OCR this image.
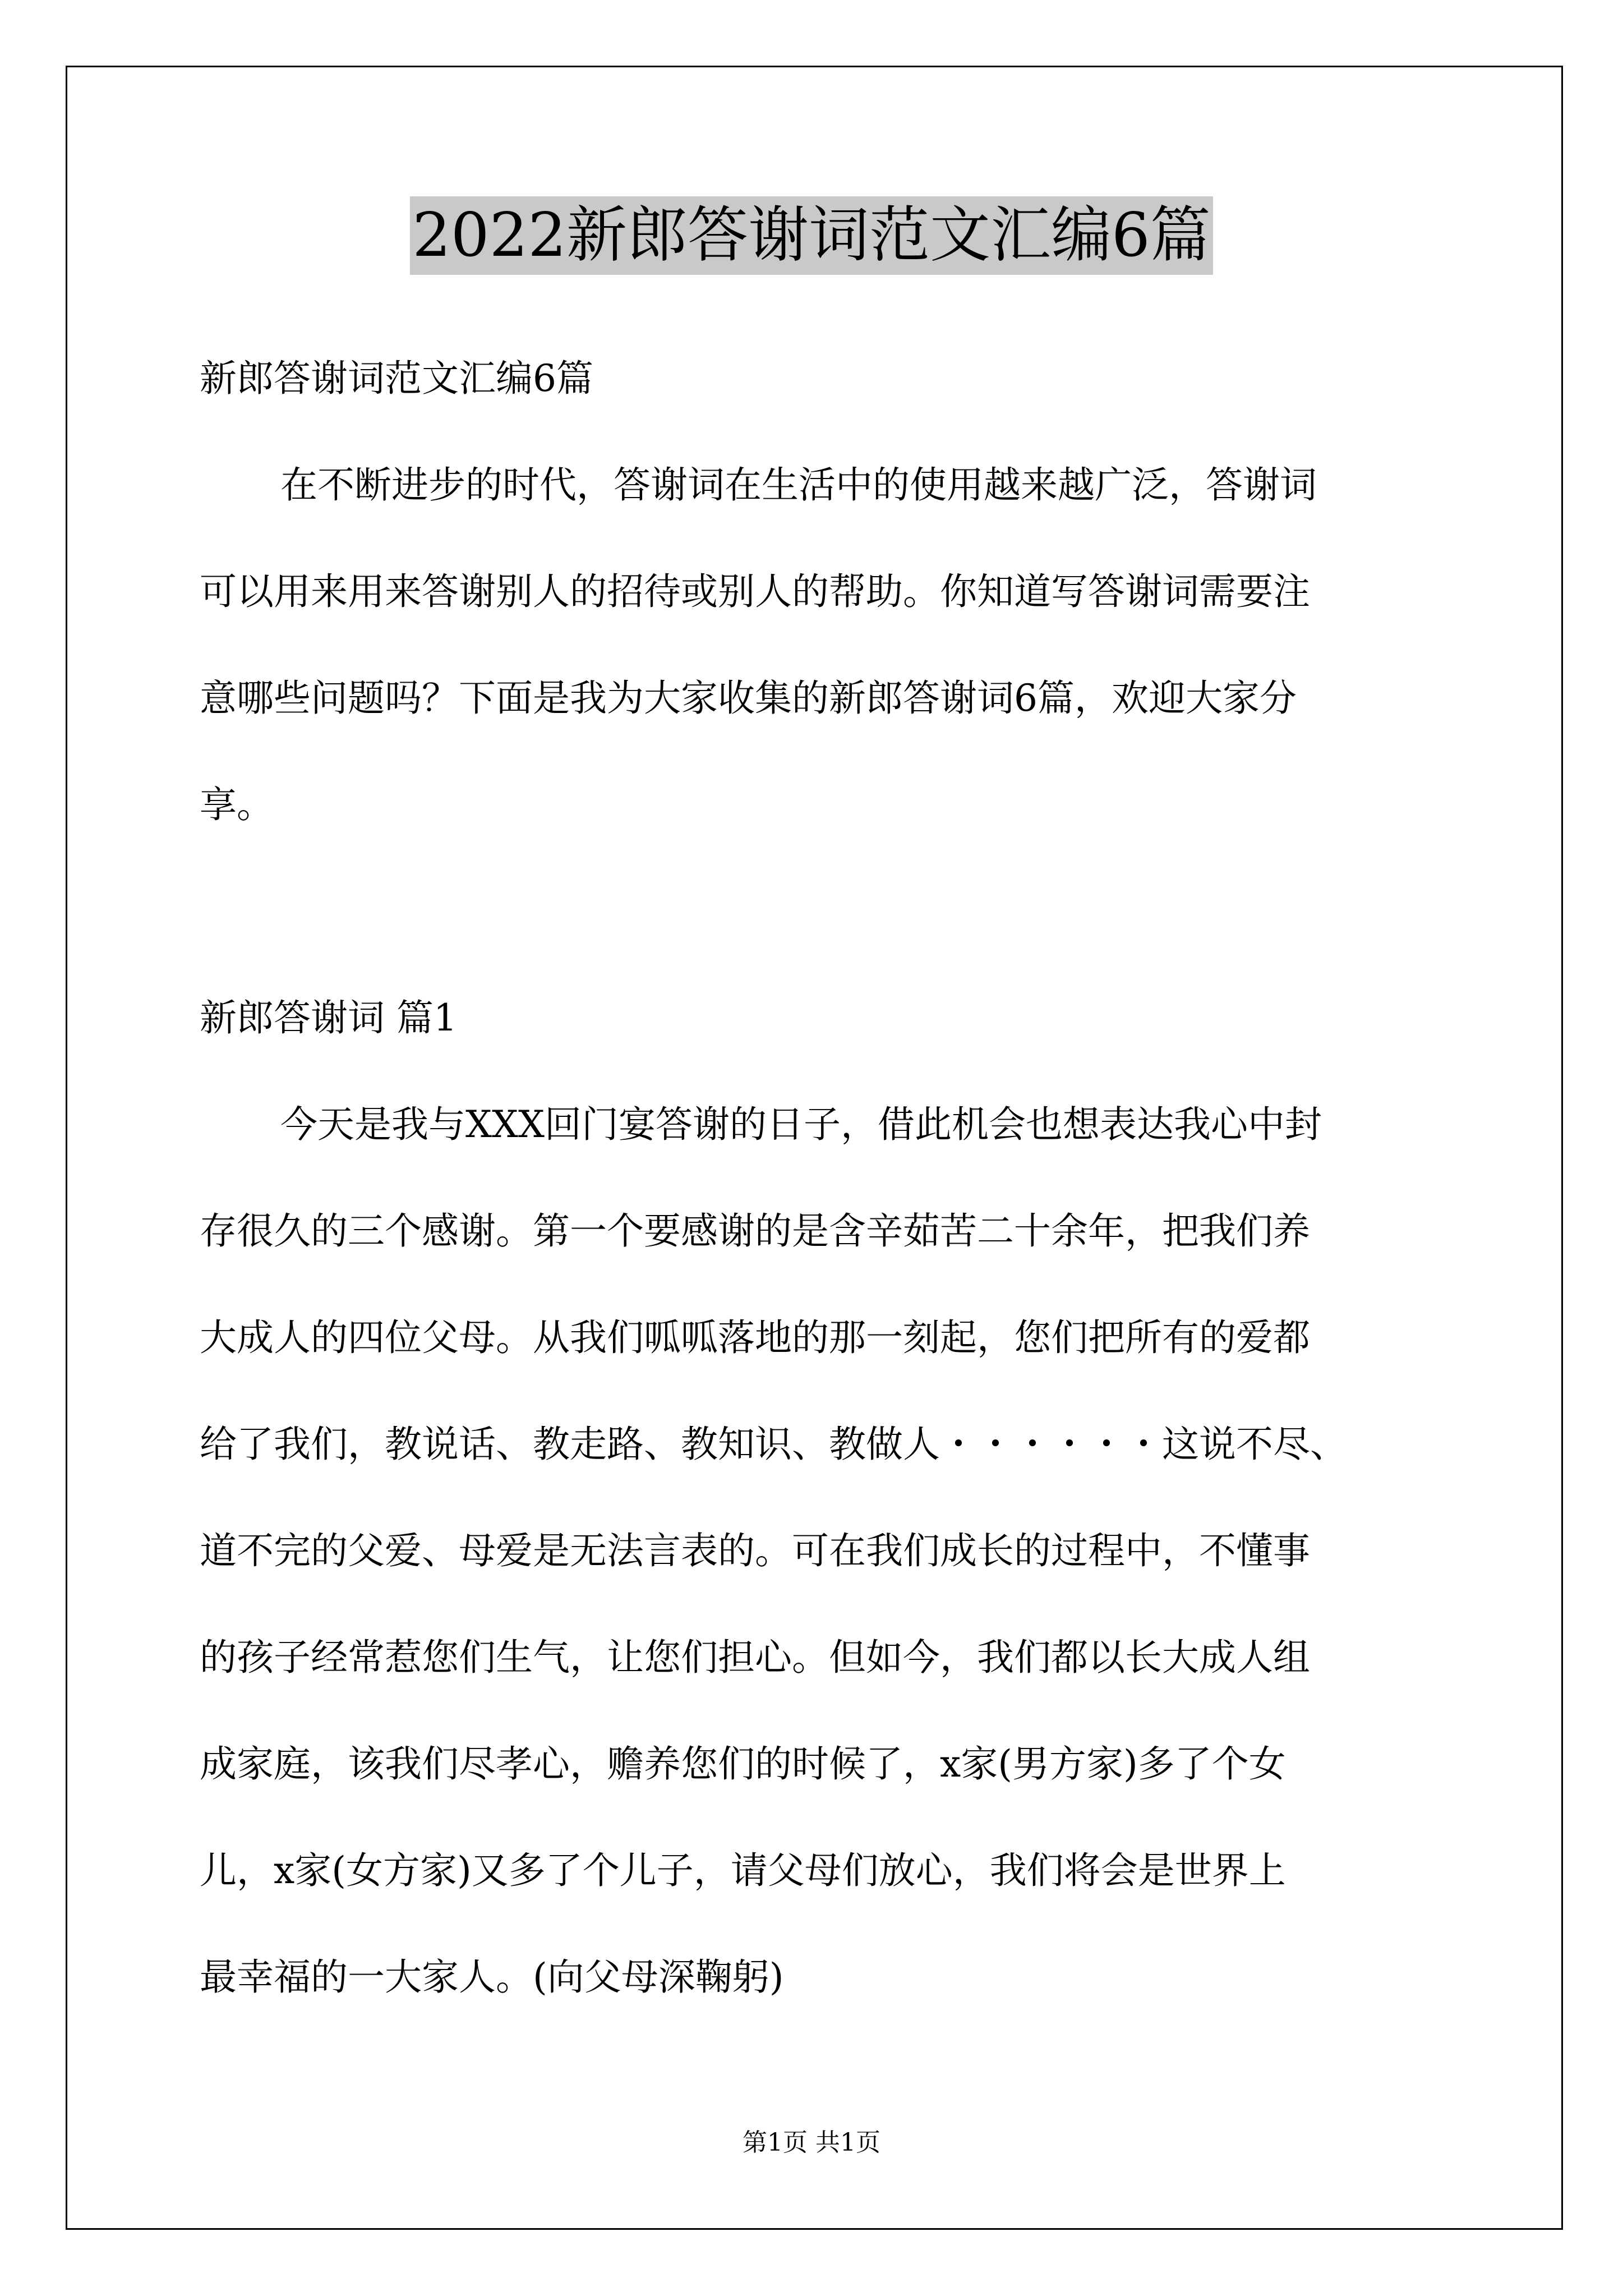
2022新郎答谢词范文汇编6篇

新郎答谢词范文汇编6篇

在不断进步的时代，答谢词在生活中的使用越来越广泛，答谢词

可以用来用来答谢别人的招待或别人的帮助。你知道写答谢词需要注

意哪些问题吗？下面是我为大家收集的新郎答谢词6篇，欢迎大家分

享。

新郎答谢词 篇1

今天是我与XXX回门宴答谢的日子，借此机会也想表达我心中封

存很久的三个感谢。第一个要感谢的是含辛茹苦二十余年，把我们养

大成人的四位父母。从我们呱呱落地的那一刻起，您们把所有的爱都

给了我们，教说话、教走路、教知识、教做人・・・・・・这说不尽、

道不完的父爱、母爱是无法言表的。可在我们成长的过程中，不懂事

的孩子经常惹您们生气，让您们担心。但如今，我们都以长大成人组

成家庭，该我们尽孝心，赡养您们的时候了，x家(男方家)多了个女

儿，x家(女方家)又多了个儿子，请父母们放心，我们将会是世界上

最幸福的一大家人。(向父母深鞠躬)

第1页 共1页
